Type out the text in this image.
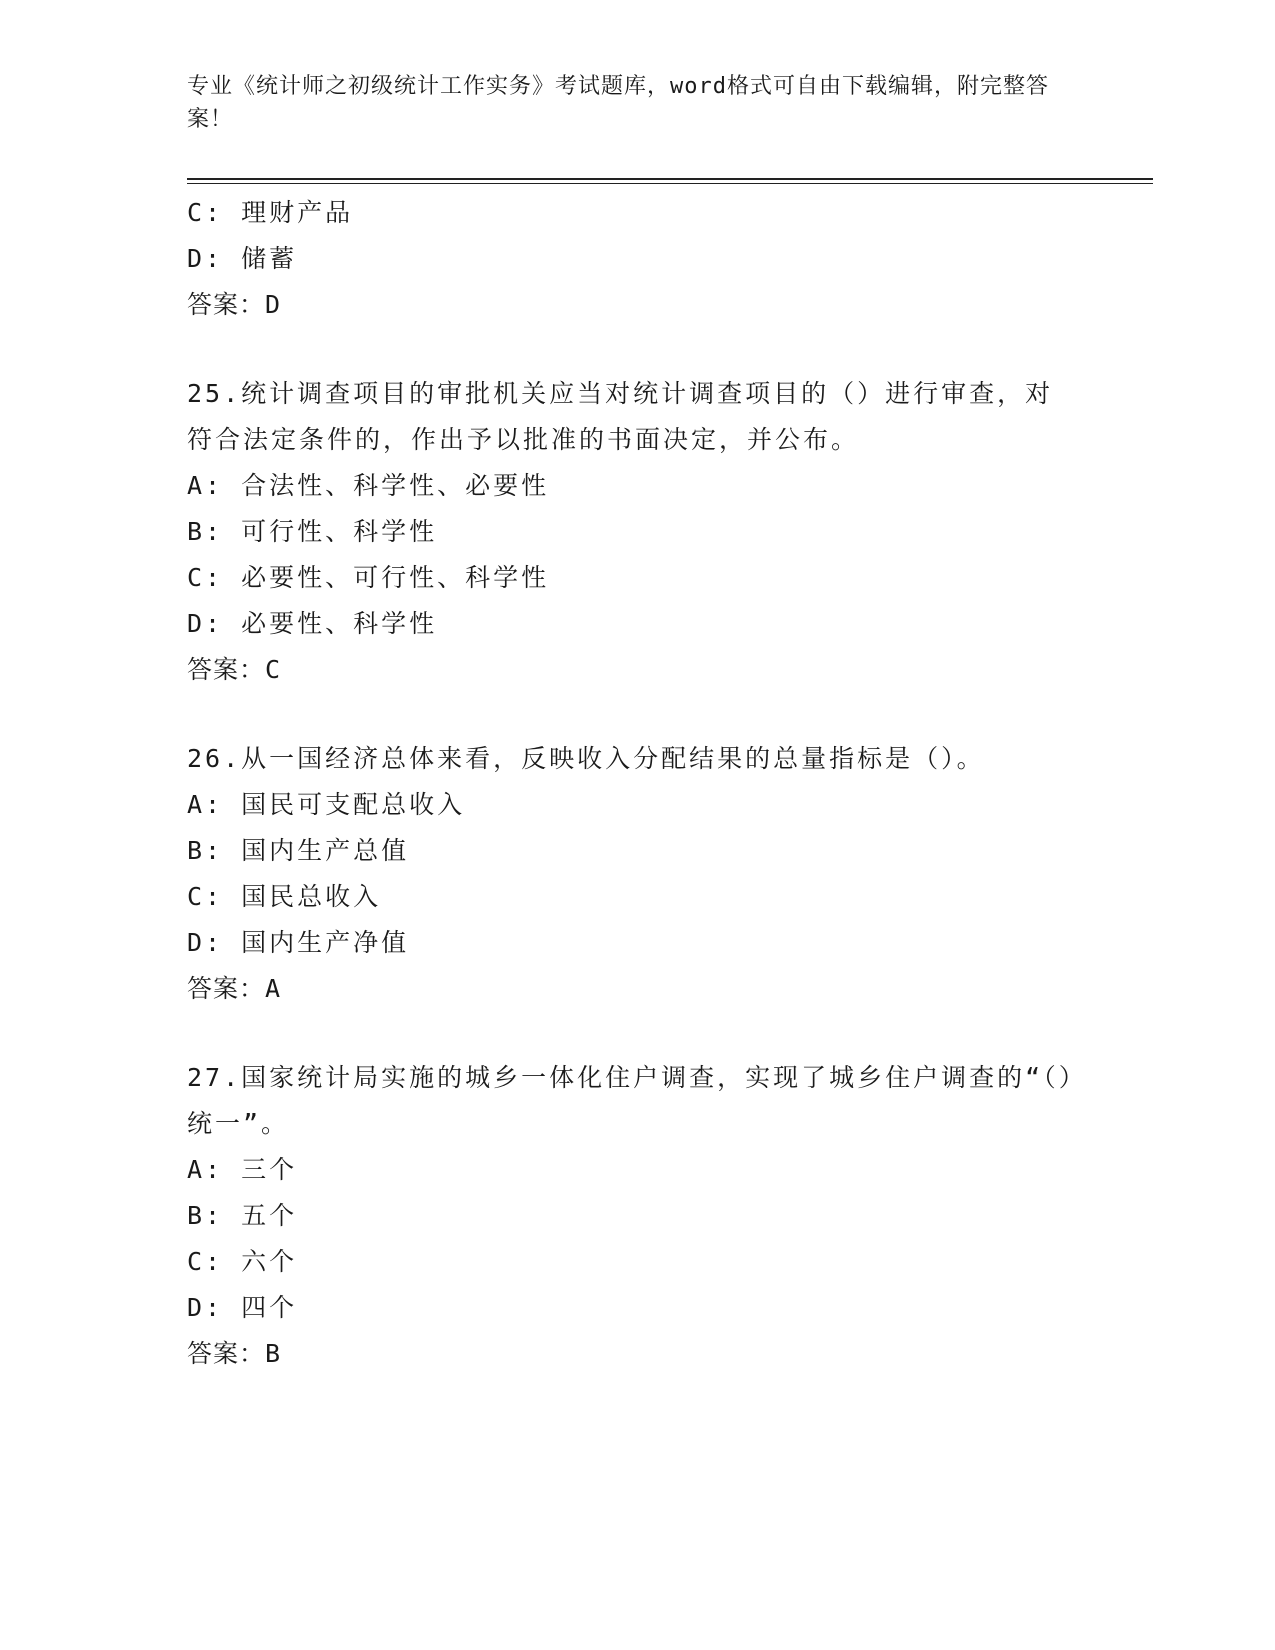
专业《统计师之初级统计工作实务》考试题库，word格式可自由下载编辑，附完整答案！
C: 理财产品
D: 储蓄
答案：D
25.统计调查项目的审批机关应当对统计调查项目的（）进行审查，对符合法定条件的，作出予以批准的书面决定，并公布。
A: 合法性、科学性、必要性
B: 可行性、科学性
C: 必要性、可行性、科学性
D: 必要性、科学性
答案：C
26.从一国经济总体来看，反映收入分配结果的总量指标是（）。
A: 国民可支配总收入
B: 国内生产总值
C: 国民总收入
D: 国内生产净值
答案：A
27.国家统计局实施的城乡一体化住户调查，实现了城乡住户调查的“（）统一”。
A: 三个
B: 五个
C: 六个
D: 四个
答案：B
